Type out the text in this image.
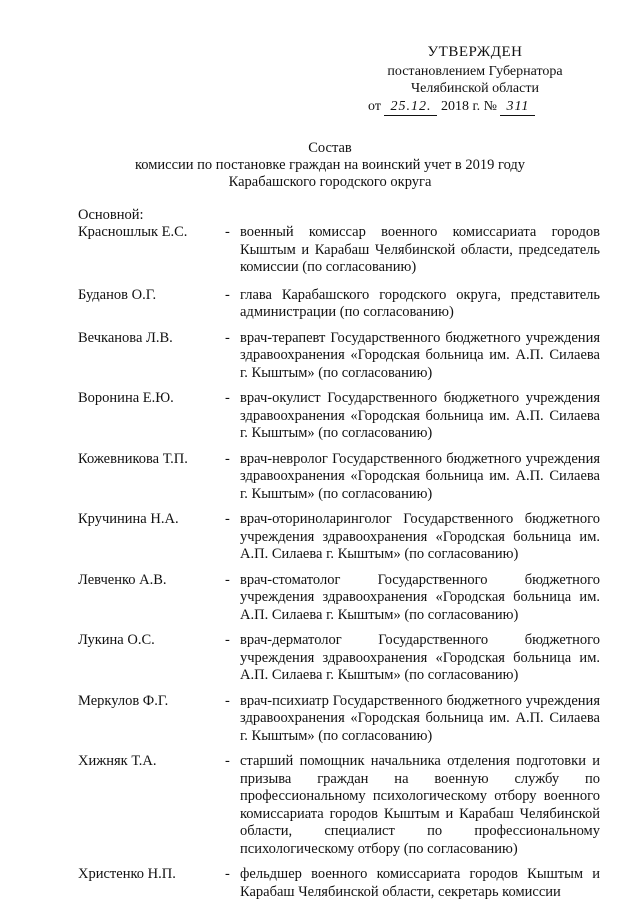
УТВЕРЖДЕН
постановлением Губернатора
Челябинской области
от 25.12. 2018 г. № 311
Состав
комиссии по постановке граждан на воинский учет в 2019 году
Карабашского городского округа
Основной:
Красношлык Е.С.	- военный комиссар военного комиссариата городов Кыштым и Карабаш Челябинской области, председатель комиссии (по согласованию)
Буданов О.Г.	- глава Карабашского городского округа, представитель администрации (по согласованию)
Вечканова Л.В.	- врач-терапевт Государственного бюджетного учреждения здравоохранения «Городская больница им. А.П. Силаева г. Кыштым» (по согласованию)
Воронина Е.Ю.	- врач-окулист Государственного бюджетного учреждения здравоохранения «Городская больница им. А.П. Силаева г. Кыштым» (по согласованию)
Кожевникова Т.П.	- врач-невролог Государственного бюджетного учреждения здравоохранения «Городская больница им. А.П. Силаева г. Кыштым» (по согласованию)
Кручинина Н.А.	- врач-оториноларинголог Государственного бюджетного учреждения здравоохранения «Городская больница им. А.П. Силаева г. Кыштым» (по согласованию)
Левченко А.В.	- врач-стоматолог Государственного бюджетного учреждения здравоохранения «Городская больница им. А.П. Силаева г. Кыштым» (по согласованию)
Лукина О.С.	- врач-дерматолог Государственного бюджетного учреждения здравоохранения «Городская больница им. А.П. Силаева г. Кыштым» (по согласованию)
Меркулов Ф.Г.	- врач-психиатр Государственного бюджетного учреждения здравоохранения «Городская больница им. А.П. Силаева г. Кыштым» (по согласованию)
Хижняк Т.А.	- старший помощник начальника отделения подготовки и призыва граждан на военную службу по профессиональному психологическому отбору военного комиссариата городов Кыштым и Карабаш Челябинской области, специалист по профессиональному психологическому отбору (по согласованию)
Христенко Н.П.	- фельдшер военного комиссариата городов Кыштым и Карабаш Челябинской области, секретарь комиссии
